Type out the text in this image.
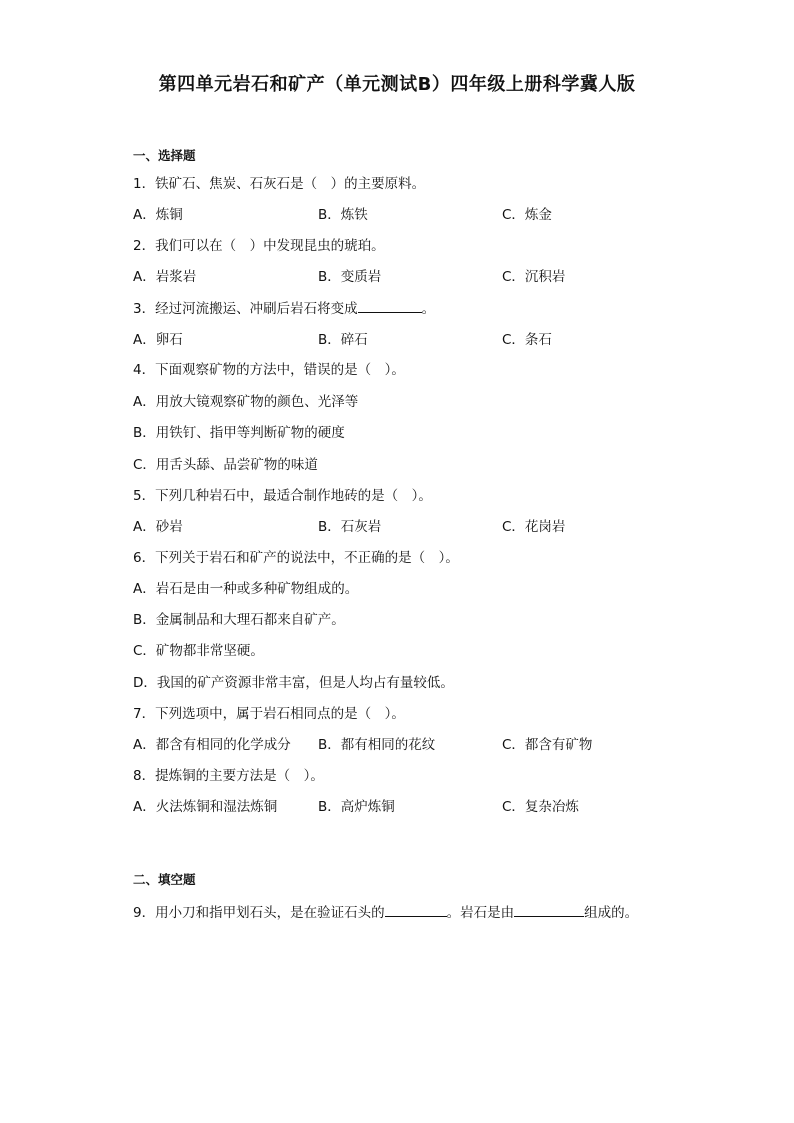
第四单元岩石和矿产（单元测试B）四年级上册科学冀人版
一、选择题
1．铁矿石、焦炭、石灰石是（　）的主要原料。
A．炼铜	B．炼铁	C．炼金
2．我们可以在（　）中发现昆虫的琥珀。
A．岩浆岩	B．变质岩	C．沉积岩
3．经过河流搬运、冲刷后岩石将变成	。
A．卵石	B．碎石	C．条石
4．下面观察矿物的方法中，错误的是（　）。
A．用放大镜观察矿物的颜色、光泽等
B．用铁钉、指甲等判断矿物的硬度
C．用舌头舔、品尝矿物的味道
5．下列几种岩石中，最适合制作地砖的是（　）。
A．砂岩	B．石灰岩	C．花岗岩
6．下列关于岩石和矿产的说法中，不正确的是（　）。
A．岩石是由一种或多种矿物组成的。
B．金属制品和大理石都来自矿产。
C．矿物都非常坚硬。
D．我国的矿产资源非常丰富，但是人均占有量较低。
7．下列选项中，属于岩石相同点的是（　）。
A．都含有相同的化学成分 B．都有相同的花纹	C．都含有矿物
8．提炼铜的主要方法是（　）。
A．火法炼铜和湿法炼铜	B．高炉炼铜	C．复杂冶炼
二、填空题
9．用小刀和指甲划石头，是在验证石头的	。岩石是由	组成的。
